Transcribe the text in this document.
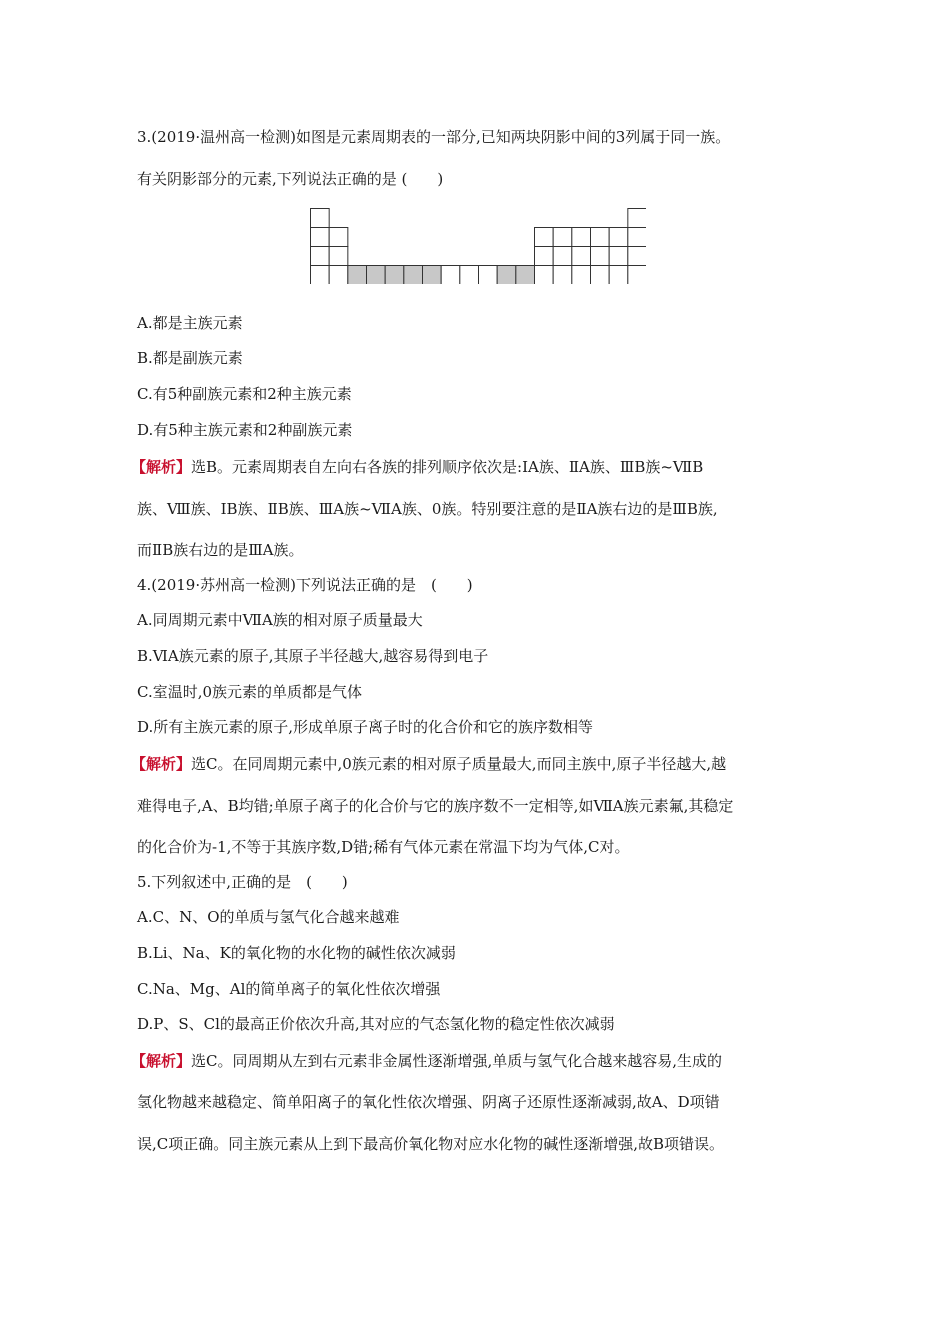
3.(2019·温州高一检测)如图是元素周期表的一部分,已知两块阴影中间的3列属于同一族。
有关阴影部分的元素,下列说法正确的是 (　　)
A.都是主族元素
B.都是副族元素
C.有5种副族元素和2种主族元素
D.有5种主族元素和2种副族元素
【解析】选B。元素周期表自左向右各族的排列顺序依次是:ⅠA族、ⅡA族、ⅢB族~ⅦB
族、Ⅷ族、ⅠB族、ⅡB族、ⅢA族~ⅦA族、0族。特别要注意的是ⅡA族右边的是ⅢB族,
而ⅡB族右边的是ⅢA族。
4.(2019·苏州高一检测)下列说法正确的是　(　　)
A.同周期元素中ⅦA族的相对原子质量最大
B.ⅥA族元素的原子,其原子半径越大,越容易得到电子
C.室温时,0族元素的单质都是气体
D.所有主族元素的原子,形成单原子离子时的化合价和它的族序数相等
【解析】选C。在同周期元素中,0族元素的相对原子质量最大,而同主族中,原子半径越大,越
难得电子,A、B均错;单原子离子的化合价与它的族序数不一定相等,如ⅦA族元素氟,其稳定
的化合价为-1,不等于其族序数,D错;稀有气体元素在常温下均为气体,C对。
5.下列叙述中,正确的是　(　　)
A.C、N、O的单质与氢气化合越来越难
B.Li、Na、K的氧化物的水化物的碱性依次减弱
C.Na、Mg、Al的简单离子的氧化性依次增强
D.P、S、Cl的最高正价依次升高,其对应的气态氢化物的稳定性依次减弱
【解析】选C。同周期从左到右元素非金属性逐渐增强,单质与氢气化合越来越容易,生成的
氢化物越来越稳定、简单阳离子的氧化性依次增强、阴离子还原性逐渐减弱,故A、D项错
误,C项正确。同主族元素从上到下最高价氧化物对应水化物的碱性逐渐增强,故B项错误。
